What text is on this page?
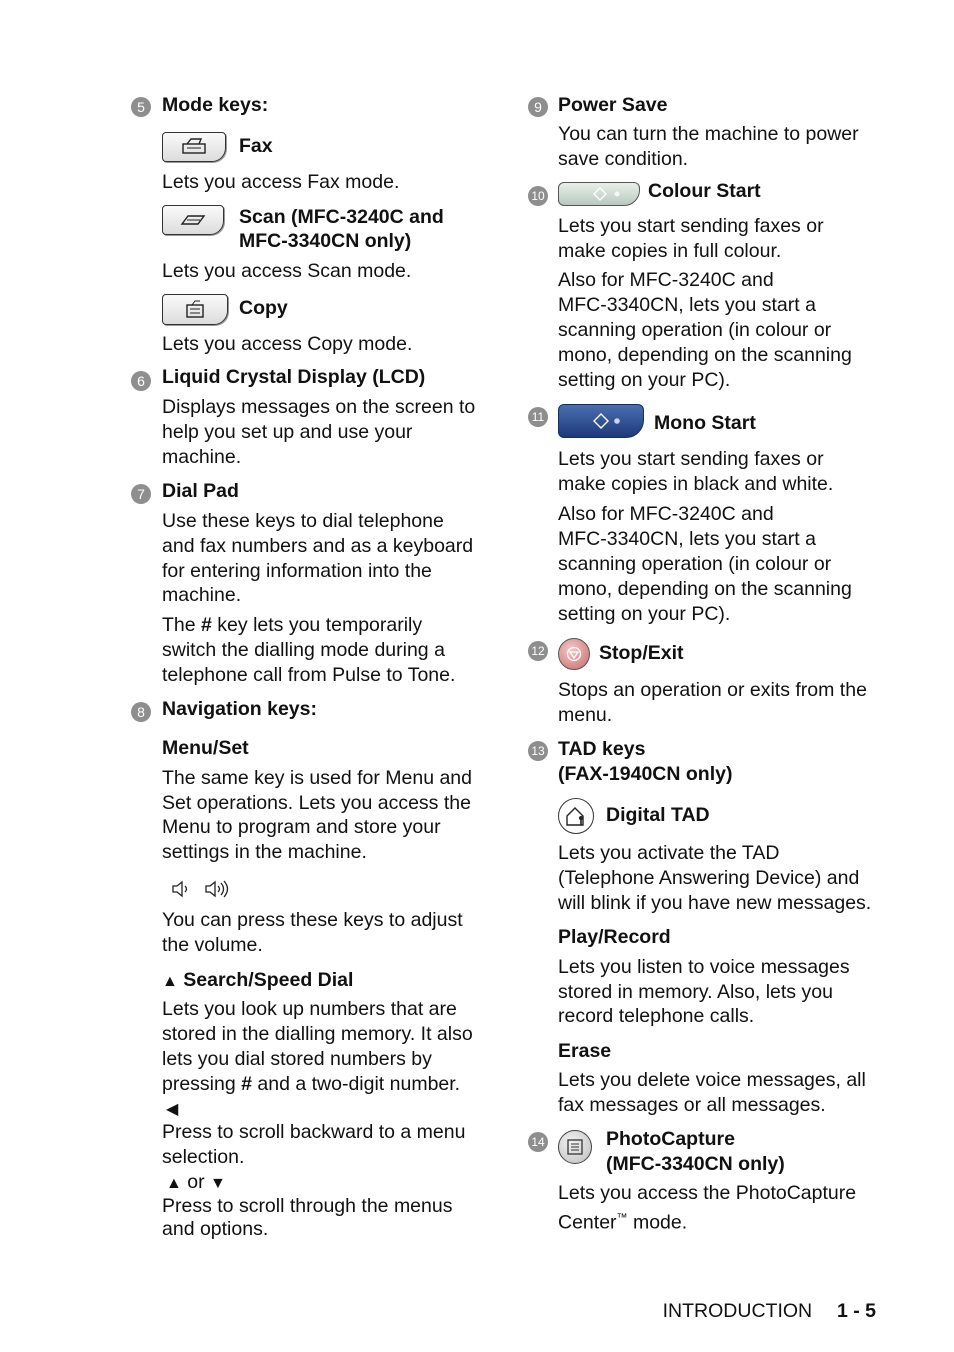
5 Mode keys:
Fax
Lets you access Fax mode.
Scan (MFC-3240C and
MFC-3340CN only)
Lets you access Scan mode.
Copy
Lets you access Copy mode.
6 Liquid Crystal Display (LCD)
Displays messages on the screen to
help you set up and use your
machine.
7 Dial Pad
Use these keys to dial telephone
and fax numbers and as a keyboard
for entering information into the
machine.
The # key lets you temporarily
switch the dialling mode during a
telephone call from Pulse to Tone.
8 Navigation keys:
Menu/Set
The same key is used for Menu and
Set operations. Lets you access the
Menu to program and store your
settings in the machine.
You can press these keys to adjust
the volume.
▲ Search/Speed Dial
Lets you look up numbers that are
stored in the dialling memory. It also
lets you dial stored numbers by
pressing # and a two-digit number.
◀
Press to scroll backward to a menu
selection.
▲ or ▼
Press to scroll through the menus
and options.
9 Power Save
You can turn the machine to power
save condition.
10	Colour Start
Lets you start sending faxes or
make copies in full colour.
Also for MFC-3240C and
MFC-3340CN, lets you start a
scanning operation (in colour or
mono, depending on the scanning
setting on your PC).
11	Mono Start
Lets you start sending faxes or
make copies in black and white.
Also for MFC-3240C and
MFC-3340CN, lets you start a
scanning operation (in colour or
mono, depending on the scanning
setting on your PC).
12	Stop/Exit
Stops an operation or exits from the
menu.
13 TAD keys
(FAX-1940CN only)
Digital TAD
Lets you activate the TAD
(Telephone Answering Device) and
will blink if you have new messages.
Play/Record
Lets you listen to voice messages
stored in memory. Also, lets you
record telephone calls.
Erase
Lets you delete voice messages, all
fax messages or all messages.
14	PhotoCapture
(MFC-3340CN only)
Lets you access the PhotoCapture
Center™ mode.
INTRODUCTION 1 - 5
